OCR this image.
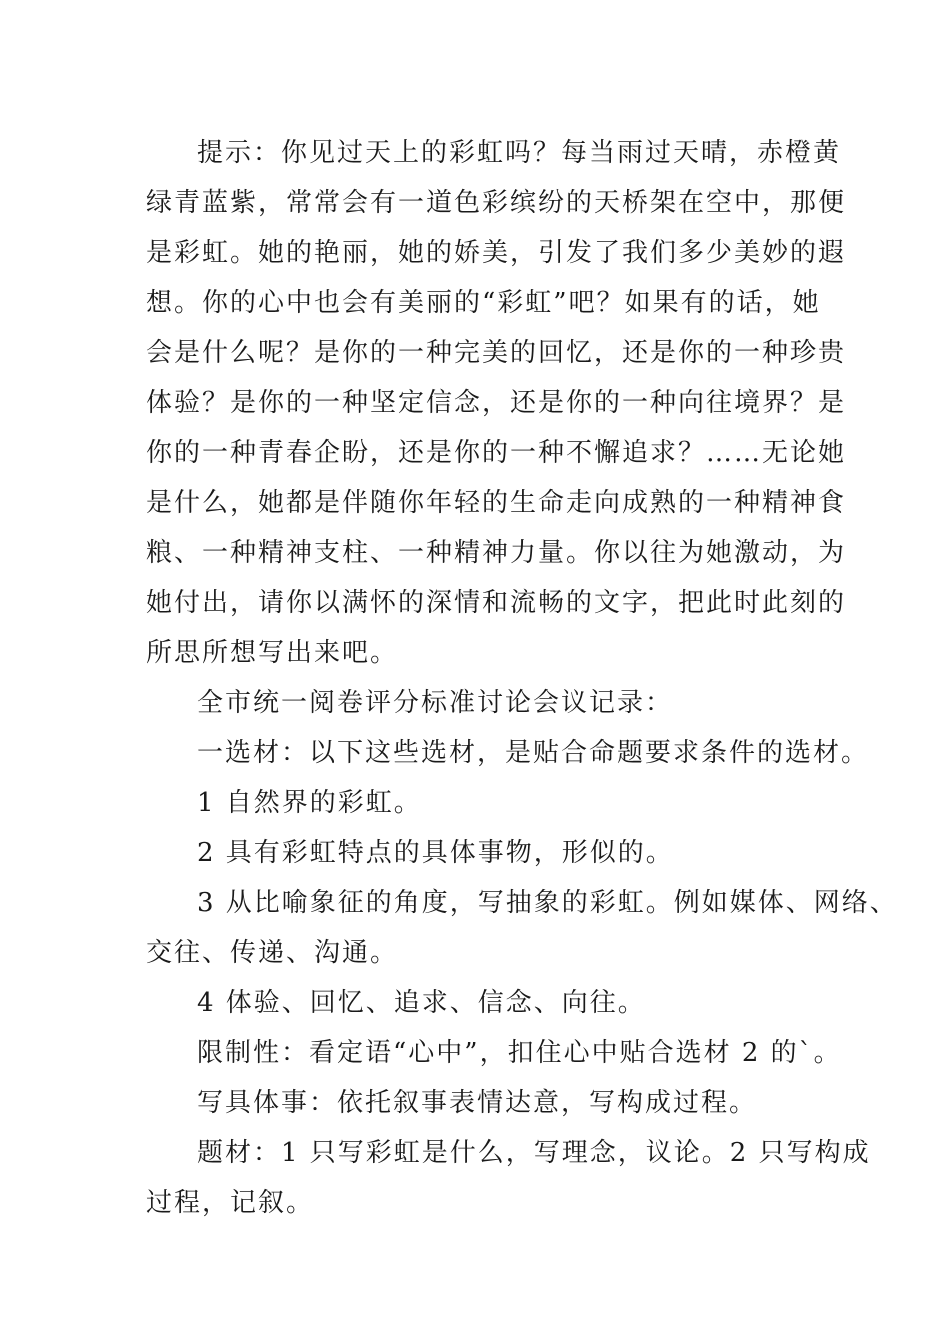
提示：你见过天上的彩虹吗？每当雨过天晴，赤橙黄
绿青蓝紫，常常会有一道色彩缤纷的天桥架在空中，那便
是彩虹。她的艳丽，她的娇美，引发了我们多少美妙的遐
想。你的心中也会有美丽的“彩虹”吧？如果有的话，她
会是什么呢？是你的一种完美的回忆，还是你的一种珍贵
体验？是你的一种坚定信念，还是你的一种向往境界？是
你的一种青春企盼，还是你的一种不懈追求？……无论她
是什么，她都是伴随你年轻的生命走向成熟的一种精神食
粮、一种精神支柱、一种精神力量。你以往为她激动，为
她付出，请你以满怀的深情和流畅的文字，把此时此刻的
所思所想写出来吧。
全市统一阅卷评分标准讨论会议记录：
一选材：以下这些选材，是贴合命题要求条件的选材。
1 自然界的彩虹。
2 具有彩虹特点的具体事物，形似的。
3 从比喻象征的角度，写抽象的彩虹。例如媒体、网络、
交往、传递、沟通。
4 体验、回忆、追求、信念、向往。
限制性：看定语“心中”，扣住心中贴合选材 2 的`。
写具体事：依托叙事表情达意，写构成过程。
题材：1 只写彩虹是什么，写理念，议论。2 只写构成
过程，记叙。
